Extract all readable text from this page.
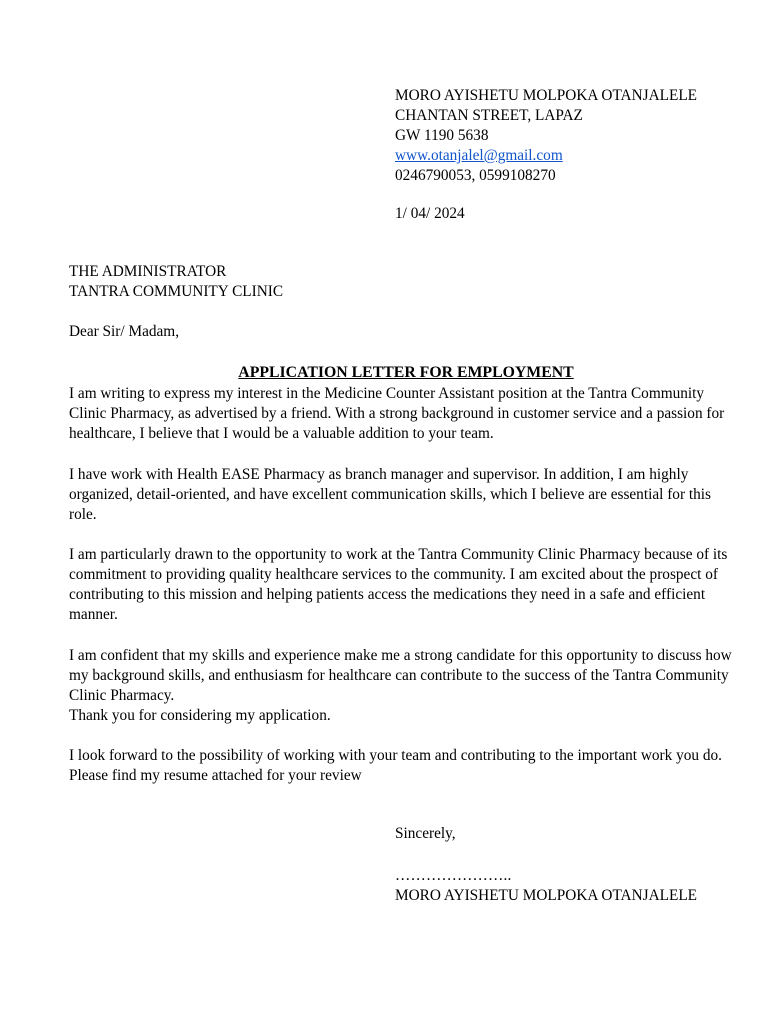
MORO AYISHETU MOLPOKA OTANJALELE
CHANTAN STREET, LAPAZ
GW 1190 5638
www.otanjalel@gmail.com
0246790053, 0599108270
1/ 04/ 2024
THE ADMINISTRATOR
TANTRA COMMUNITY CLINIC
Dear Sir/ Madam,
APPLICATION LETTER FOR EMPLOYMENT

I am writing to express my interest in the Medicine Counter Assistant position at the Tantra Community Clinic Pharmacy, as advertised by a friend. With a strong background in customer service and a passion for healthcare, I believe that I would be a valuable addition to your team.

I have work with Health EASE Pharmacy as branch manager and supervisor. In addition, I am highly organized, detail-oriented, and have excellent communication skills, which I believe are essential for this role.

I am particularly drawn to the opportunity to work at the Tantra Community Clinic Pharmacy because of its commitment to providing quality healthcare services to the community. I am excited about the prospect of contributing to this mission and helping patients access the medications they need in a safe and efficient manner.

I am confident that my skills and experience make me a strong candidate for this opportunity to discuss how my background skills, and enthusiasm for healthcare can contribute to the success of the Tantra Community Clinic Pharmacy.

Thank you for considering my application.

I look forward to the possibility of working with your team and contributing to the important work you do. Please find my resume attached for your review

Sincerely,
…………………..
MORO AYISHETU MOLPOKA OTANJALELE
